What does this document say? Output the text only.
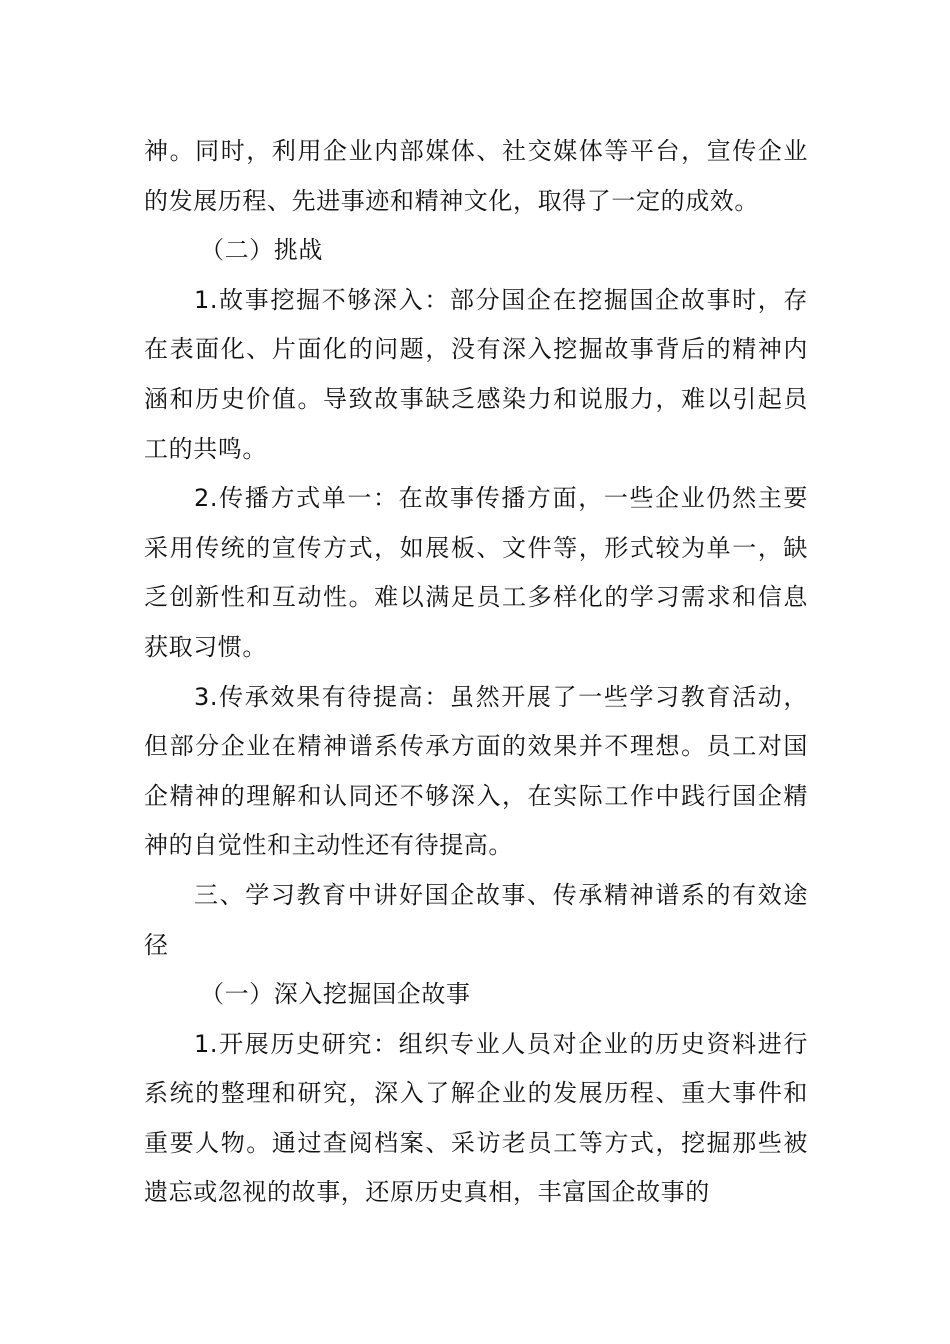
神。同时，利用企业内部媒体、社交媒体等平台，宣传企业的发展历程、先进事迹和精神文化，取得了一定的成效。

（二）挑战

1.故事挖掘不够深入：部分国企在挖掘国企故事时，存在表面化、片面化的问题，没有深入挖掘故事背后的精神内涵和历史价值。导致故事缺乏感染力和说服力，难以引起员工的共鸣。

2.传播方式单一：在故事传播方面，一些企业仍然主要采用传统的宣传方式，如展板、文件等，形式较为单一，缺乏创新性和互动性。难以满足员工多样化的学习需求和信息获取习惯。

3.传承效果有待提高：虽然开展了一些学习教育活动，但部分企业在精神谱系传承方面的效果并不理想。员工对国企精神的理解和认同还不够深入，在实际工作中践行国企精神的自觉性和主动性还有待提高。

三、学习教育中讲好国企故事、传承精神谱系的有效途径

（一）深入挖掘国企故事

1.开展历史研究：组织专业人员对企业的历史资料进行系统的整理和研究，深入了解企业的发展历程、重大事件和重要人物。通过查阅档案、采访老员工等方式，挖掘那些被遗忘或忽视的故事，还原历史真相，丰富国企故事的
